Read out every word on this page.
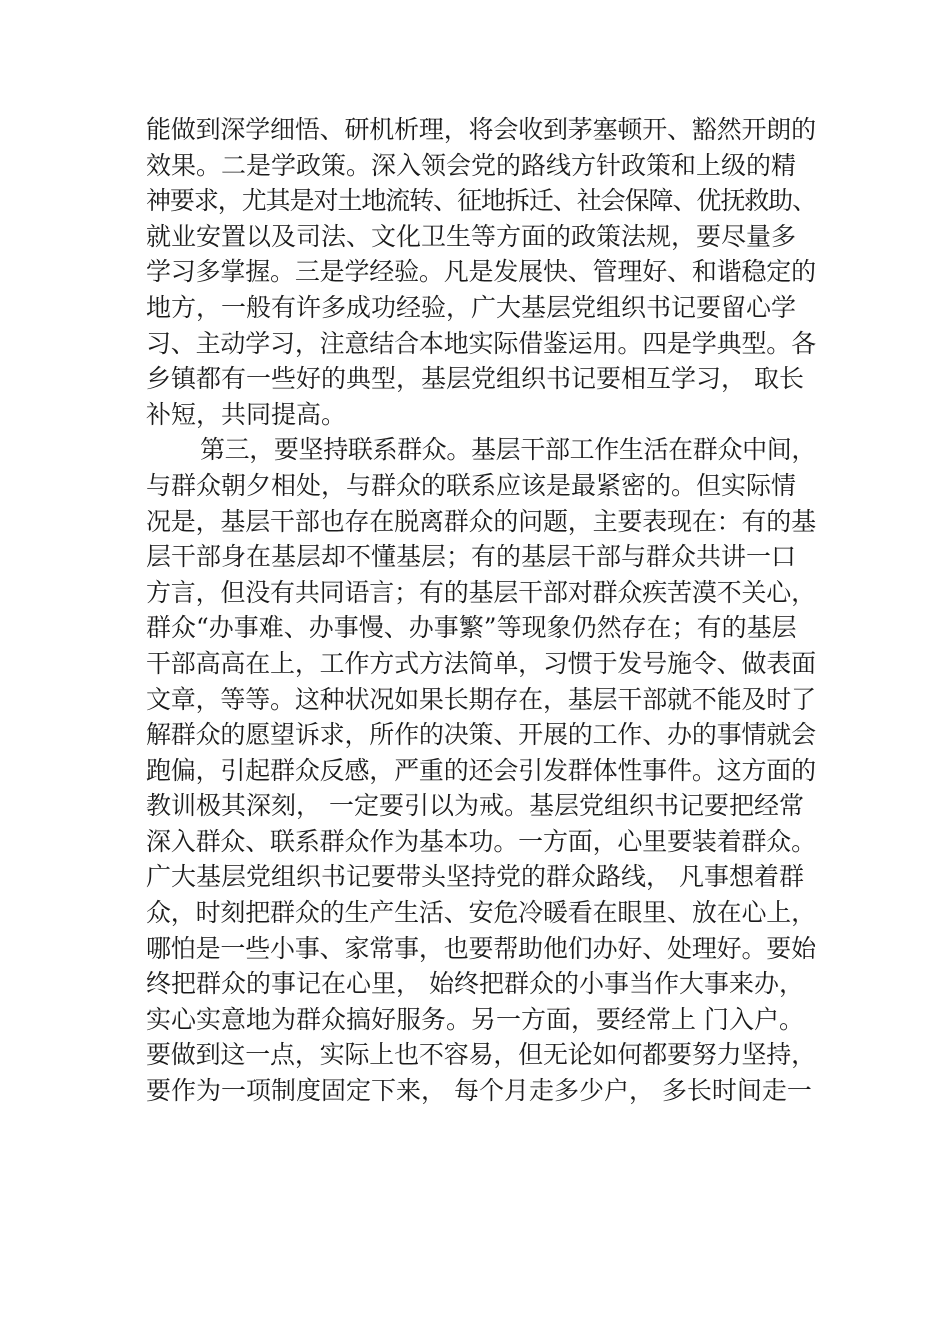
能做到深学细悟、研机析理，将会收到茅塞顿开、豁然开朗的
效果。二是学政策。深入领会党的路线方针政策和上级的精
神要求，尤其是对土地流转、征地拆迁、社会保障、优抚救助、
就业安置以及司法、文化卫生等方面的政策法规，要尽量多
学习多掌握。三是学经验。凡是发展快、管理好、和谐稳定的
地方，一般有许多成功经验，广大基层党组织书记要留心学
习、主动学习，注意结合本地实际借鉴运用。四是学典型。各
乡镇都有一些好的典型，基层党组织书记要相互学习， 取长
补短，共同提高。
第三，要坚持联系群众。基层干部工作生活在群众中间，
与群众朝夕相处，与群众的联系应该是最紧密的。但实际情
况是，基层干部也存在脱离群众的问题，主要表现在：有的基
层干部身在基层却不懂基层；有的基层干部与群众共讲一口
方言，但没有共同语言；有的基层干部对群众疾苦漠不关心，
群众“办事难、办事慢、办事繁”等现象仍然存在；有的基层
干部高高在上，工作方式方法简单，习惯于发号施令、做表面
文章，等等。这种状况如果长期存在，基层干部就不能及时了
解群众的愿望诉求，所作的决策、开展的工作、办的事情就会
跑偏，引起群众反感，严重的还会引发群体性事件。这方面的
教训极其深刻， 一定要引以为戒。基层党组织书记要把经常
深入群众、联系群众作为基本功。一方面，心里要装着群众。
广大基层党组织书记要带头坚持党的群众路线， 凡事想着群
众，时刻把群众的生产生活、安危冷暖看在眼里、放在心上，
哪怕是一些小事、家常事，也要帮助他们办好、处理好。要始
终把群众的事记在心里， 始终把群众的小事当作大事来办，
实心实意地为群众搞好服务。另一方面，要经常上 门入户。
要做到这一点，实际上也不容易，但无论如何都要努力坚持，
要作为一项制度固定下来， 每个月走多少户， 多长时间走一
